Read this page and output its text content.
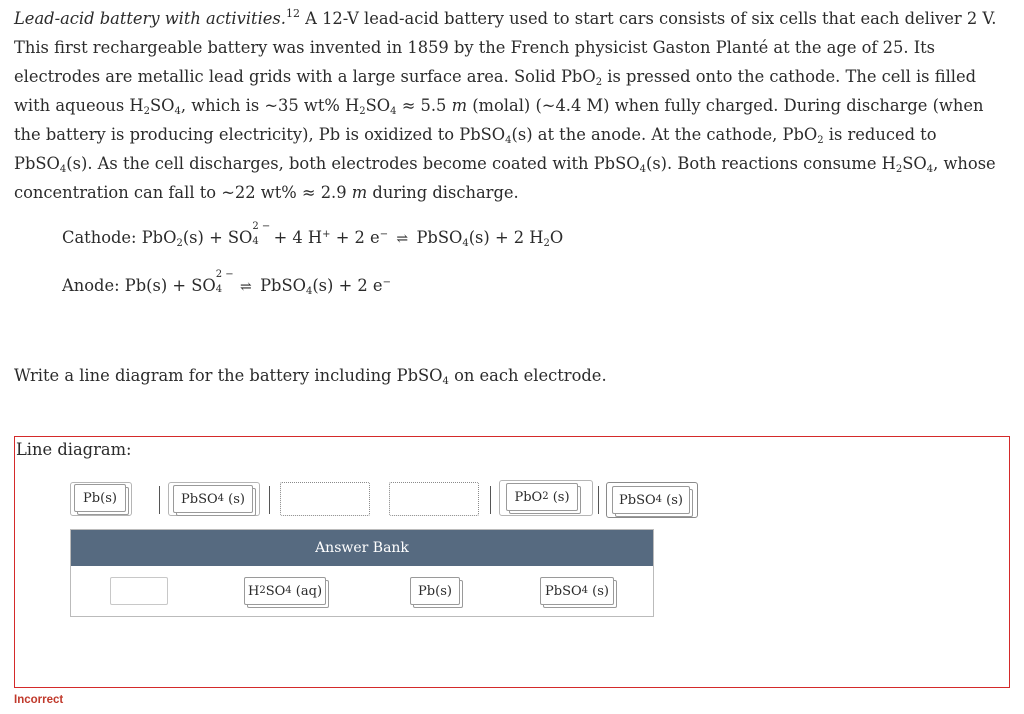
Lead-acid battery with activities.$^{12}$ A 12-V lead-acid battery used to start cars consists of six cells that each deliver 2 V. This first rechargeable battery was invented in 1859 by the French physicist Gaston Planté at the age of 25. Its electrodes are metallic lead grids with a large surface area. Solid PbO$_2$ is pressed onto the cathode. The cell is filled with aqueous $H_2SO_4$, which is ~35 wt% $H_2SO_4 \approx 5.5$ m (molal) (~4.4 M) when fully charged. During discharge (when the battery is producing electricity), Pb is oxidized to PbSO$_4$(s) at the anode. At the cathode, PbO$_2$ is reduced to PbSO$_4$(s). As the cell discharges, both electrodes become coated with PbSO$_4$(s). Both reactions consume $H_2SO_4$, whose concentration can fall to ~22 wt% ≈ 2.9 m during discharge.

Cathode: PbO$_2$(s) + SO
2 −
4 + 4 H+ + 2 e− ⇌ PbSO$_4$(s) + 2 $H_2O$
Anode: Pb(s) + SO
2 −
4 ⇌ PbSO$_4$(s) + 2 e−

Write a line diagram for the battery including PbSO$_4$ on each electrode.

Line diagram:
Pb(s)	PbSO 4
(s)	PbO 2
(s)	PbSO 4
(s)
Answer Bank
H 2 SO 4
(aq)	Pb(s)	PbSO 4
(s)
Incorrect
